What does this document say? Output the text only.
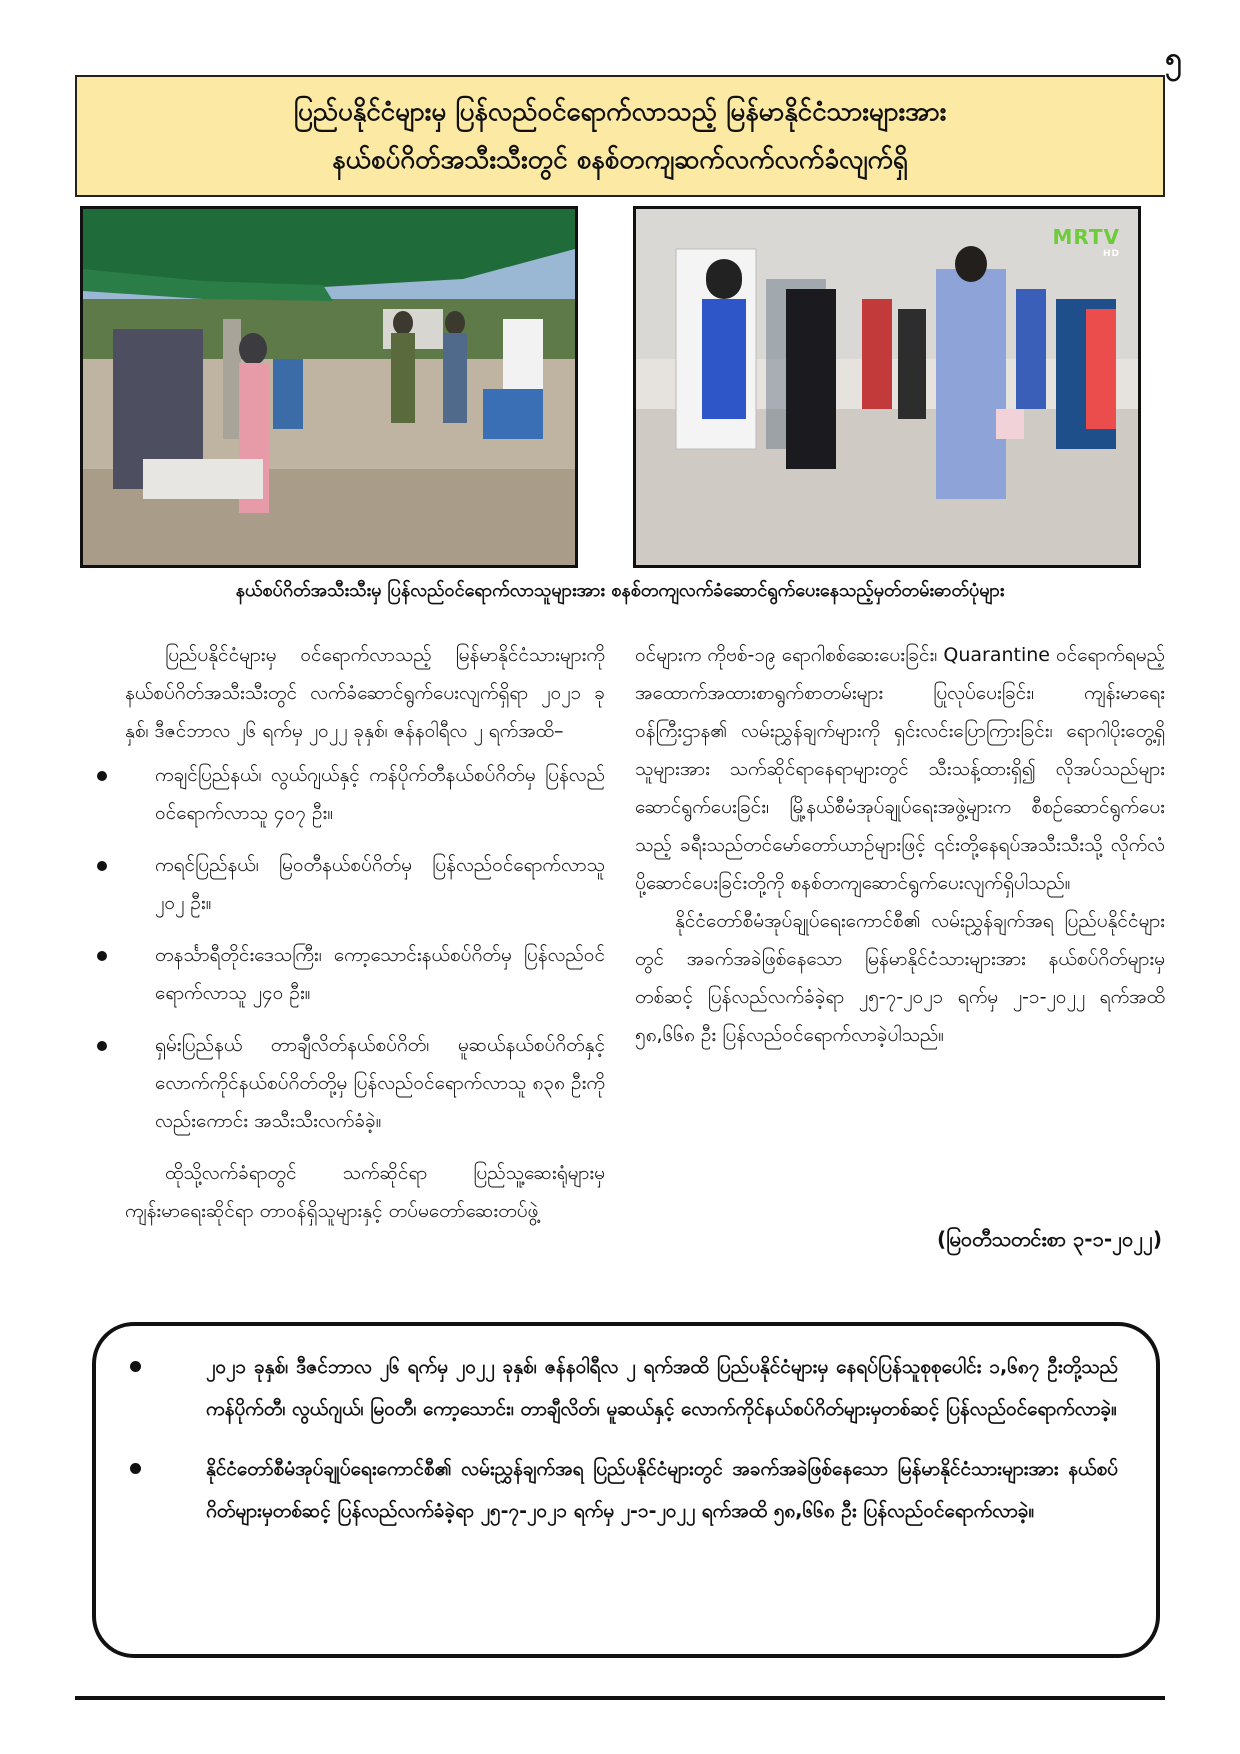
၅
ပြည်ပနိုင်ငံများမှ ပြန်လည်ဝင်ရောက်လာသည့် မြန်မာနိုင်ငံသားများအား
နယ်စပ်ဂိတ်အသီးသီးတွင် စနစ်တကျဆက်လက်လက်ခံလျက်ရှိ
MRTV
HD
နယ်စပ်ဂိတ်အသီးသီးမှ ပြန်လည်ဝင်ရောက်လာသူများအား စနစ်တကျလက်ခံဆောင်ရွက်ပေးနေသည့်မှတ်တမ်းဓာတ်ပုံများ

ပြည်ပနိုင်ငံများမှ ဝင်ရောက်လာသည့် မြန်မာနိုင်ငံသားများကို နယ်စပ်ဂိတ်အသီးသီးတွင် လက်ခံဆောင်ရွက်ပေးလျက်ရှိရာ ၂၀၂၁ ခုနှစ်၊ ဒီဇင်ဘာလ ၂၆ ရက်မှ ၂၀၂၂ ခုနှစ်၊ ဇန်နဝါရီလ ၂ ရက်အထိ–

ကချင်ပြည်နယ်၊ လွယ်ဂျယ်နှင့် ကန်ပိုက်တီနယ်စပ်ဂိတ်မှ ပြန်လည်ဝင်ရောက်လာသူ ၄၀၇ ဦး။
ကရင်ပြည်နယ်၊ မြဝတီနယ်စပ်ဂိတ်မှ ပြန်လည်ဝင်ရောက်လာသူ ၂၀၂ ဦး။
တနင်္သာရီတိုင်းဒေသကြီး၊ ကော့သောင်းနယ်စပ်ဂိတ်မှ ပြန်လည်ဝင်ရောက်လာသူ ၂၄၀ ဦး။
ရှမ်းပြည်နယ် တာချီလိတ်နယ်စပ်ဂိတ်၊ မူဆယ်နယ်စပ်ဂိတ်နှင့် လောက်ကိုင်နယ်စပ်ဂိတ်တို့မှ ပြန်လည်ဝင်ရောက်လာသူ ၈၃၈ ဦးကိုလည်းကောင်း အသီးသီးလက်ခံခဲ့။

ထိုသို့လက်ခံရာတွင် သက်ဆိုင်ရာ ပြည်သူ့ဆေးရုံများမှ ကျန်းမာရေးဆိုင်ရာ တာဝန်ရှိသူများနှင့် တပ်မတော်ဆေးတပ်ဖွဲ့

ဝင်များက ကိုဗစ်-၁၉ ရောဂါစစ်ဆေးပေးခြင်း၊ Quarantine ဝင်ရောက်ရမည့်အထောက်အထားစာရွက်စာတမ်းများ ပြုလုပ်ပေးခြင်း၊ ကျန်းမာရေးဝန်ကြီးဌာန၏ လမ်းညွှန်ချက်များကို ရှင်းလင်းပြောကြားခြင်း၊ ရောဂါပိုးတွေ့ရှိသူများအား သက်ဆိုင်ရာနေရာများတွင် သီးသန့်ထားရှိ၍ လိုအပ်သည်များဆောင်ရွက်ပေးခြင်း၊ မြို့နယ်စီမံအုပ်ချုပ်ရေးအဖွဲ့များက စီစဉ်ဆောင်ရွက်ပေးသည့် ခရီးသည်တင်မော်တော်ယာဉ်များဖြင့် ၎င်းတို့နေရပ်အသီးသီးသို့ လိုက်လံပို့ဆောင်ပေးခြင်းတို့ကို စနစ်တကျဆောင်ရွက်ပေးလျက်ရှိပါသည်။

နိုင်ငံတော်စီမံအုပ်ချုပ်ရေးကောင်စီ၏ လမ်းညွှန်ချက်အရ ပြည်ပနိုင်ငံများတွင် အခက်အခဲဖြစ်နေသော မြန်မာနိုင်ငံသားများအား နယ်စပ်ဂိတ်များမှတစ်ဆင့် ပြန်လည်လက်ခံခဲ့ရာ ၂၅-၇-၂၀၂၁ ရက်မှ ၂-၁-၂၀၂၂ ရက်အထိ ၅၈,၆၆၈ ဦး ပြန်လည်ဝင်ရောက်လာခဲ့ပါသည်။

(မြဝတီသတင်းစာ ၃-၁-၂၀၂၂)
၂၀၂၁ ခုနှစ်၊ ဒီဇင်ဘာလ ၂၆ ရက်မှ ၂၀၂၂ ခုနှစ်၊ ဇန်နဝါရီလ ၂ ရက်အထိ ပြည်ပနိုင်ငံများမှ နေရပ်ပြန်သူစုစုပေါင်း ၁,၆၈၇ ဦးတို့သည် ကန်ပိုက်တီ၊ လွယ်ဂျယ်၊ မြဝတီ၊ ကော့သောင်း၊ တာချီလိတ်၊ မူဆယ်နှင့် လောက်ကိုင်နယ်စပ်ဂိတ်များမှတစ်ဆင့် ပြန်လည်ဝင်ရောက်လာခဲ့။
နိုင်ငံတော်စီမံအုပ်ချုပ်ရေးကောင်စီ၏ လမ်းညွှန်ချက်အရ ပြည်ပနိုင်ငံများတွင် အခက်အခဲဖြစ်နေသော မြန်မာနိုင်ငံသားများအား နယ်စပ်ဂိတ်များမှတစ်ဆင့် ပြန်လည်လက်ခံခဲ့ရာ ၂၅-၇-၂၀၂၁ ရက်မှ ၂-၁-၂၀၂၂ ရက်အထိ ၅၈,၆၆၈ ဦး ပြန်လည်ဝင်ရောက်လာခဲ့။
